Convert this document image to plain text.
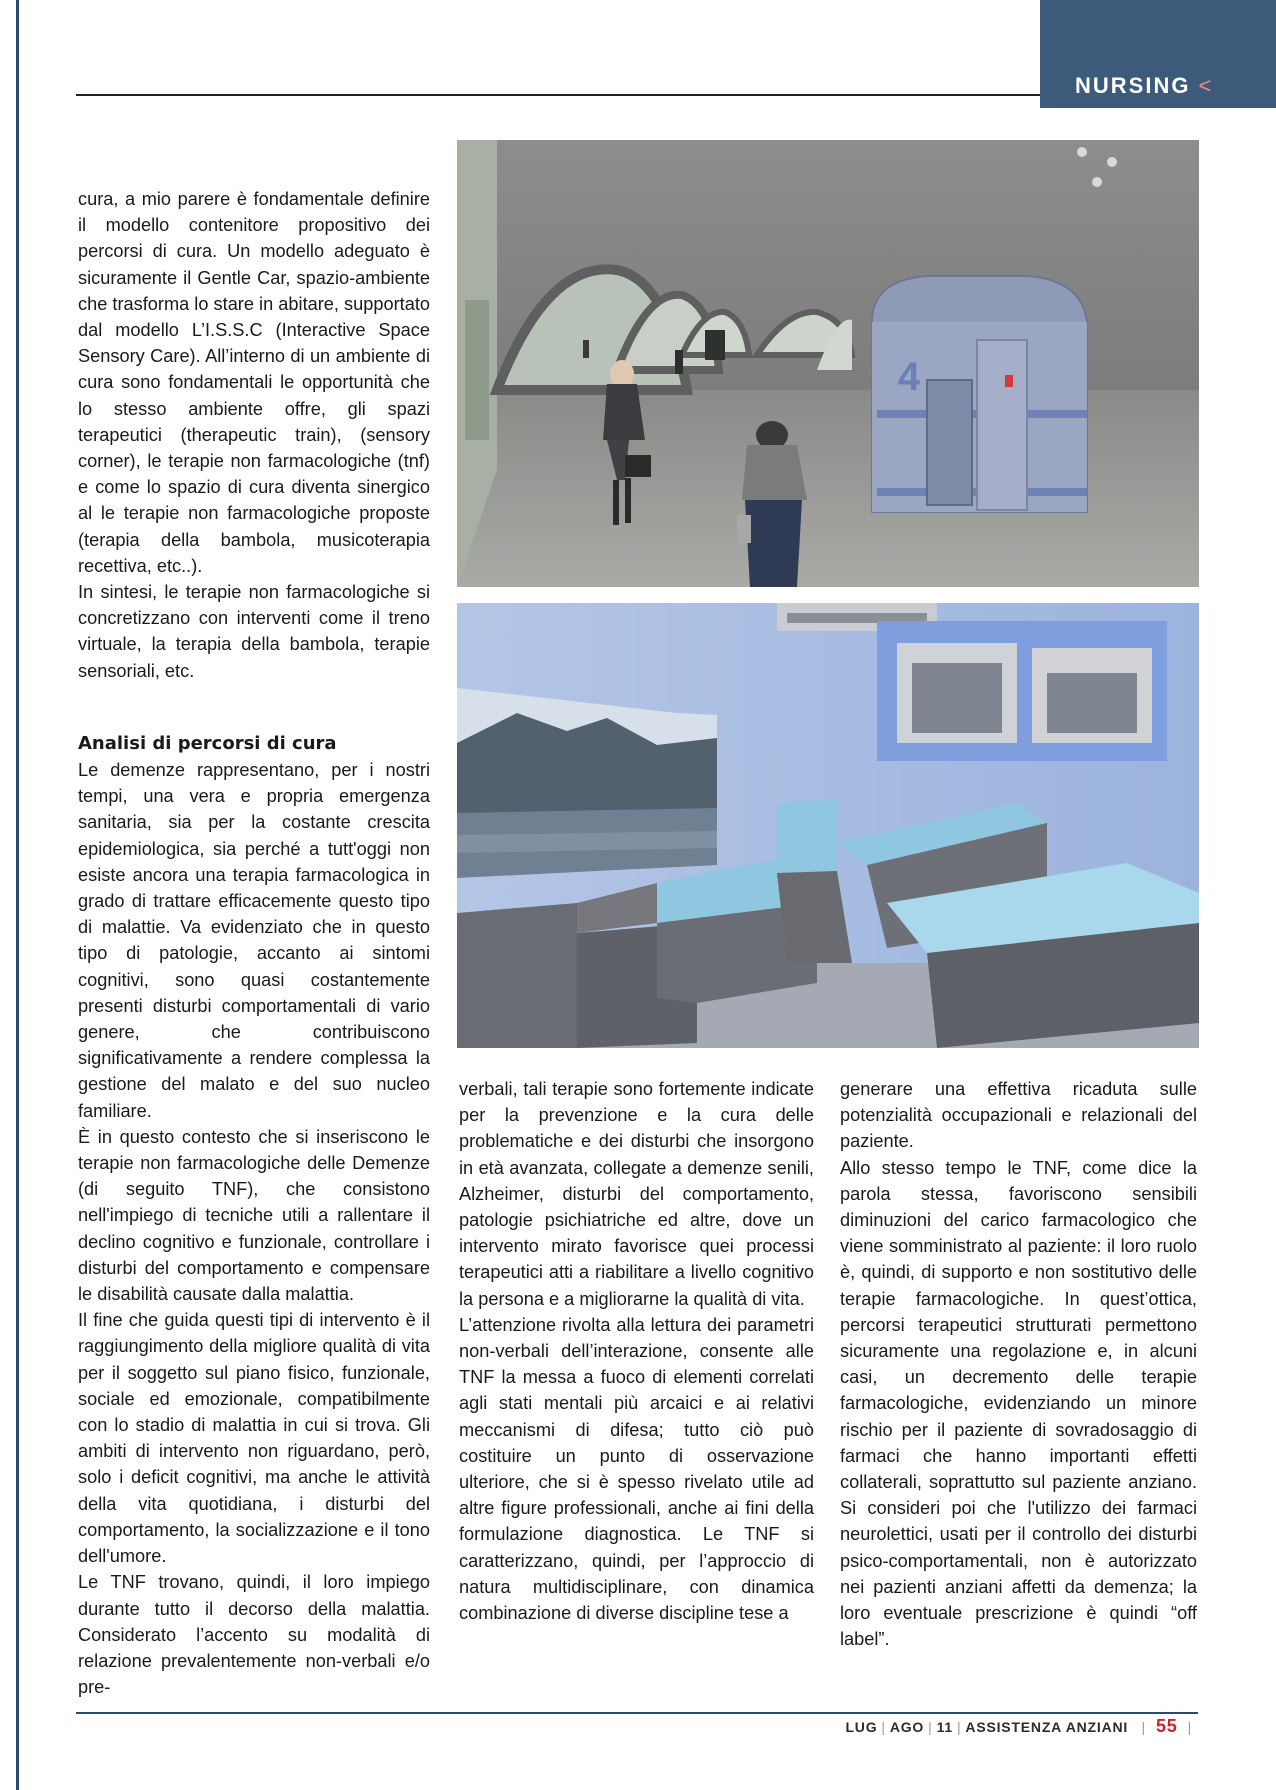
NURSING <

cura, a mio parere è fondamentale definire il modello contenitore propositivo dei percorsi di cura. Un modello adeguato è sicuramente il Gentle Car, spazio-ambiente che trasforma lo stare in abitare, supportato dal modello L’I.S.S.C (Interactive Space Sensory Care). All’interno di un ambiente di cura sono fondamentali le opportunità che lo stesso ambiente offre, gli spazi terapeutici (therapeutic train), (sensory corner), le terapie non farmacologiche (tnf) e come lo spazio di cura diventa sinergico al le terapie non farmacologiche proposte (terapia della bambola, musicoterapia recettiva, etc..).

In sintesi, le terapie non farmacologiche si concretizzano con interventi come il treno virtuale, la terapia della bambola, terapie sensoriali, etc.

Analisi di percorsi di cura

Le demenze rappresentano, per i nostri tempi, una vera e propria emergenza sanitaria, sia per la costante crescita epidemiologica, sia perché a tutt'oggi non esiste ancora una terapia farmacologica in grado di trattare efficacemente questo tipo di malattie. Va evidenziato che in questo tipo di patologie, accanto ai sintomi cognitivi, sono quasi costantemente presenti disturbi comportamentali di vario genere, che contribuiscono significativamente a rendere complessa la gestione del malato e del suo nucleo familiare.

È in questo contesto che si inseriscono le terapie non farmacologiche delle Demenze (di seguito TNF), che consistono nell'impiego di tecniche utili a rallentare il declino cognitivo e funzionale, controllare i disturbi del comportamento e compensare le disabilità causate dalla malattia.

Il fine che guida questi tipi di intervento è il raggiungimento della migliore qualità di vita per il soggetto sul piano fisico, funzionale, sociale ed emozionale, compatibilmente con lo stadio di malattia in cui si trova. Gli ambiti di intervento non riguardano, però, solo i deficit cognitivi, ma anche le attività della vita quotidiana, i disturbi del comportamento, la socializzazione e il tono dell'umore.

Le TNF trovano, quindi, il loro impiego durante tutto il decorso della malattia. Considerato l’accento su modalità di relazione prevalentemente non-verbali e/o pre-

4

verbali, tali terapie sono fortemente indicate per la prevenzione e la cura delle problematiche e dei disturbi che insorgono in età avanzata, collegate a demenze senili, Alzheimer, disturbi del comportamento, patologie psichiatriche ed altre, dove un intervento mirato favorisce quei processi terapeutici atti a riabilitare a livello cognitivo la persona e a migliorarne la qualità di vita.

L’attenzione rivolta alla lettura dei parametri non-verbali dell’interazione, consente alle TNF la messa a fuoco di elementi correlati agli stati mentali più arcaici e ai relativi meccanismi di difesa; tutto ciò può costituire un punto di osservazione ulteriore, che si è spesso rivelato utile ad altre figure professionali, anche ai fini della formulazione diagnostica. Le TNF si caratterizzano, quindi, per l’approccio di natura multidisciplinare, con dinamica combinazione di diverse discipline tese a

generare una effettiva ricaduta sulle potenzialità occupazionali e relazionali del paziente.

Allo stesso tempo le TNF, come dice la parola stessa, favoriscono sensibili diminuzioni del carico farmacologico che viene somministrato al paziente: il loro ruolo è, quindi, di supporto e non sostitutivo delle terapie farmacologiche. In quest’ottica, percorsi terapeutici strutturati permettono sicuramente una regolazione e, in alcuni casi, un decremento delle terapie farmacologiche, evidenziando un minore rischio per il paziente di sovradosaggio di farmaci che hanno importanti effetti collaterali, soprattutto sul paziente anziano. Si consideri poi che l'utilizzo dei farmaci neurolettici, usati per il controllo dei disturbi psico-comportamentali, non è autorizzato nei pazienti anziani affetti da demenza; la loro eventuale prescrizione è quindi “off label”.

LUG | AGO | 11 | ASSISTENZA ANZIANI  | 55 |
